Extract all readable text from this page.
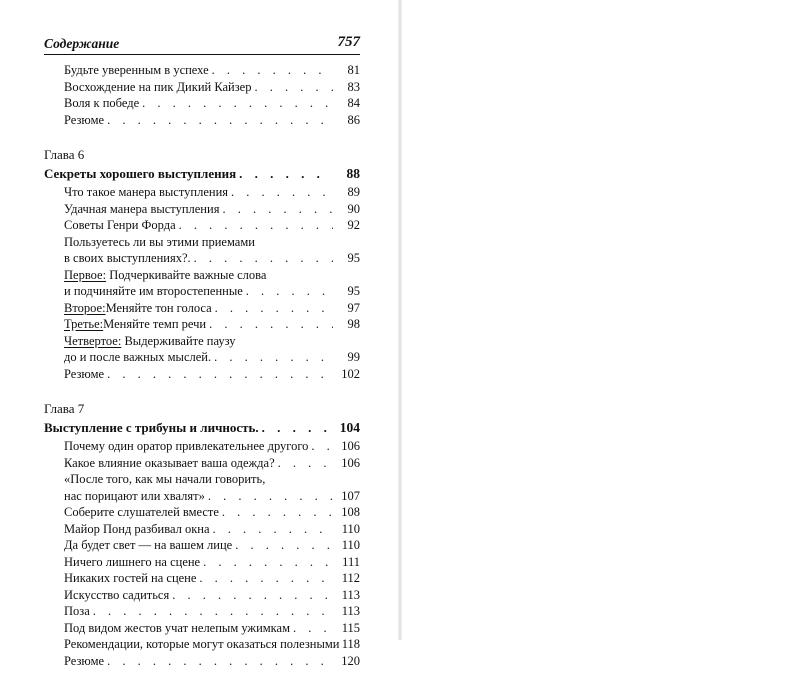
Содержание	757
Будьте уверенным в успехе . . .	81
Восхождение на пик Дикий Кайзер . . .	83
Воля к победе . . .	84
Резюме . . .	86
Глава 6
Секреты хорошего выступления . . .	88
Что такое манера выступления . . .	89
Удачная манера выступления . . .	90
Советы Генри Форда . . .	92
Пользуетесь ли вы этими приемами
в своих выступлениях?. . . .	95
Первое: Подчеркивайте важные слова
и подчиняйте им второстепенные . . .	95
Второе: Меняйте тон голоса . . .	97
Третье: Меняйте темп речи . . .	98
Четвертое: Выдерживайте паузу
до и после важных мыслей. . . .	99
Резюме . . .	102
Глава 7
Выступление с трибуны и личность. . . .	104
Почему один оратор привлекательнее другого . . .	106
Какое влияние оказывает ваша одежда? . . .	106
«После того, как мы начали говорить,
нас порицают или хвалят» . . .	107
Соберите слушателей вместе . . .	108
Майор Понд разбивал окна . . .	110
Да будет свет — на вашем лице . . .	110
Ничего лишнего на сцене . . .	111
Никаких гостей на сцене . . .	112
Искусство садиться . . .	113
Поза . . .	113
Под видом жестов учат нелепым ужимкам . . .	115
Рекомендации, которые могут оказаться полезными 118
Резюме . . .	120
